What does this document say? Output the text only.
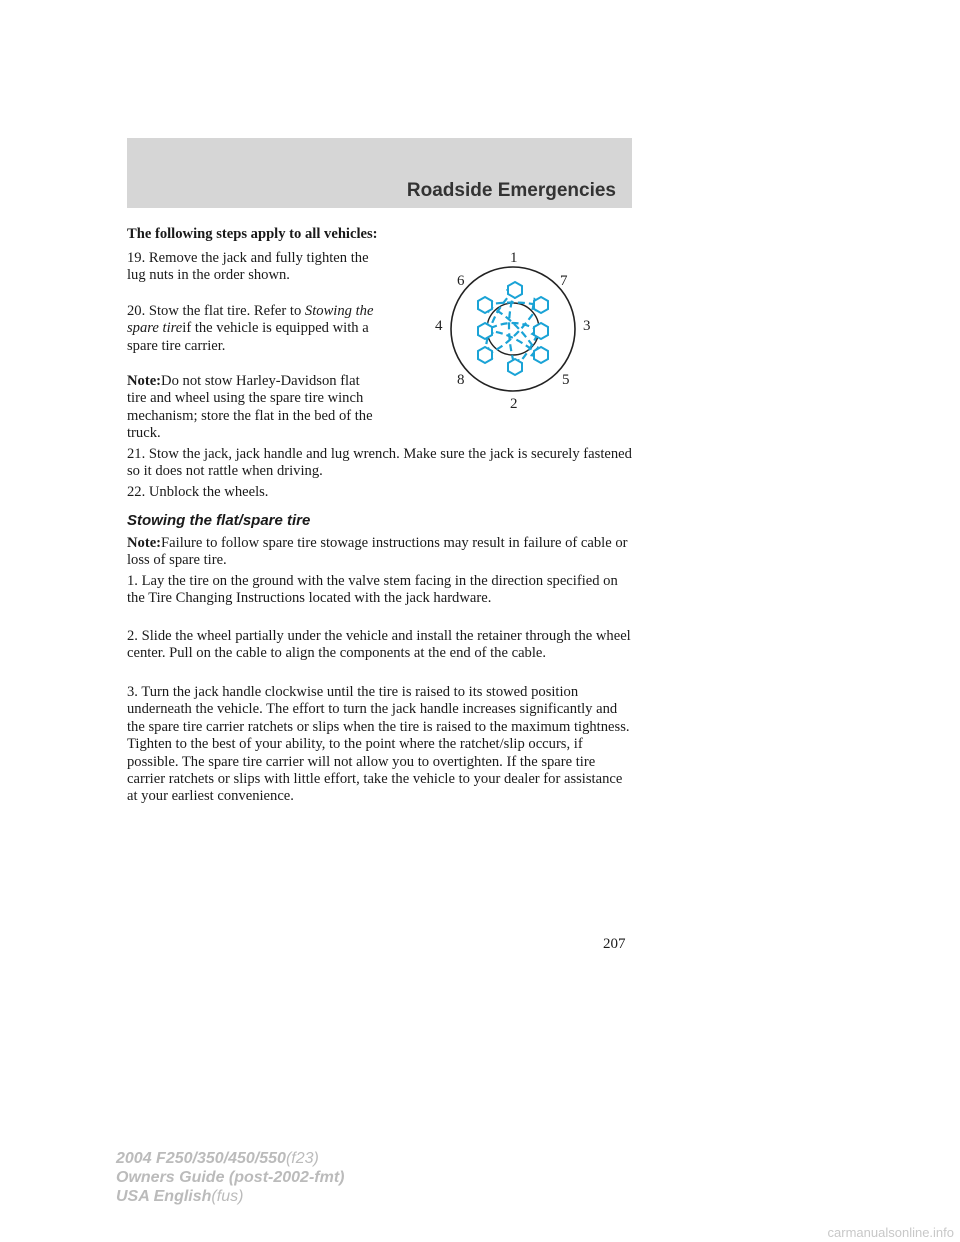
Roadside Emergencies

The following steps apply to all vehicles:

19. Remove the jack and fully tighten the lug nuts in the order shown.

20. Stow the flat tire. Refer to Stowing the spare tireif the vehicle is equipped with a spare tire carrier.

Note:Do not stow Harley-Davidson flat tire and wheel using the spare tire winch mechanism; store the flat in the bed of the truck.

21. Stow the jack, jack handle and lug wrench. Make sure the jack is securely fastened so it does not rattle when driving.

22. Unblock the wheels.

Stowing the flat/spare tire

Note:Failure to follow spare tire stowage instructions may result in failure of cable or loss of spare tire.

1. Lay the tire on the ground with the valve stem facing in the direction specified on the Tire Changing Instructions located with the jack hardware.

2. Slide the wheel partially under the vehicle and install the retainer through the wheel center. Pull on the cable to align the components at the end of the cable.

3. Turn the jack handle clockwise until the tire is raised to its stowed position underneath the vehicle. The effort to turn the jack handle increases significantly and the spare tire carrier ratchets or slips when the tire is raised to the maximum tightness. Tighten to the best of your ability, to the point where the ratchet/slip occurs, if possible. The spare tire carrier will not allow you to overtighten. If the spare tire carrier ratchets or slips with little effort, take the vehicle to your dealer for assistance at your earliest convenience.

1
2
3
4
5
6	7
8
207
2004 F250/350/450/550(f23)
Owners Guide (post-2002-fmt)
USA English(fus)
carmanualsonline.info
